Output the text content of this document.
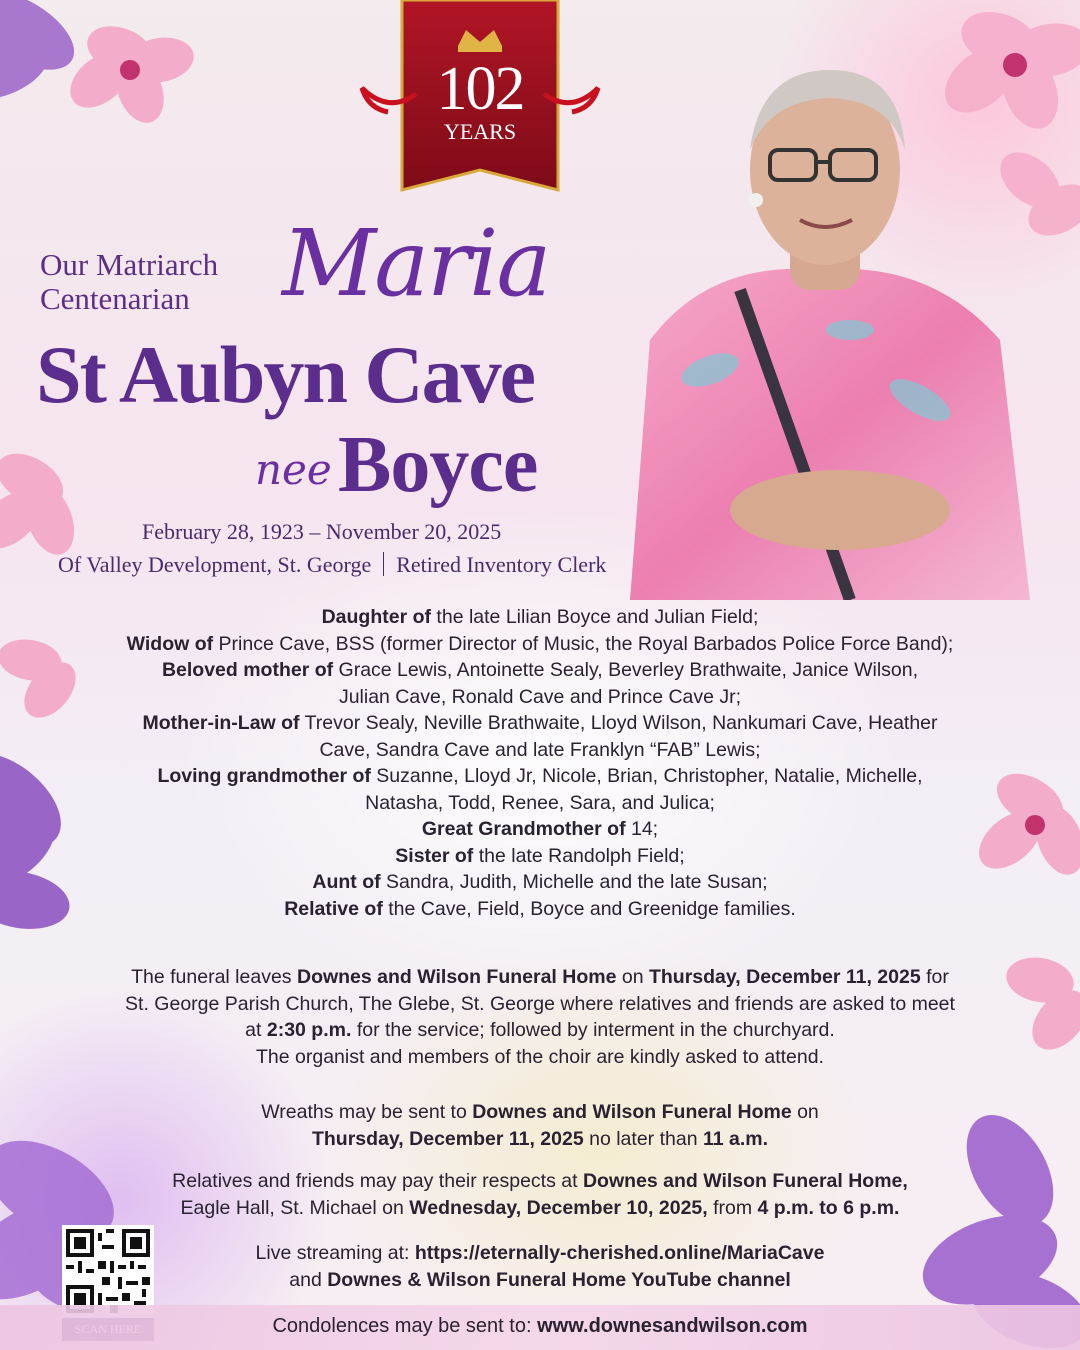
102
YEARS
Our Matriarch
Centenarian	Maria
St Aubyn Cave
nee Boyce
February 28, 1923 – November 20, 2025
Of Valley Development, St. George Retired Inventory Clerk
Daughter of the late Lilian Boyce and Julian Field;
Widow of Prince Cave, BSS (former Director of Music, the Royal Barbados Police Force Band);
Beloved mother of Grace Lewis, Antoinette Sealy, Beverley Brathwaite, Janice Wilson, Julian Cave, Ronald Cave and Prince Cave Jr;
Mother-in-Law of Trevor Sealy, Neville Brathwaite, Lloyd Wilson, Nankumari Cave, Heather Cave, Sandra Cave and late Franklyn “FAB” Lewis;
Loving grandmother of Suzanne, Lloyd Jr, Nicole, Brian, Christopher, Natalie, Michelle, Natasha, Todd, Renee, Sara, and Julica;
Great Grandmother of 14;
Sister of the late Randolph Field;
Aunt of Sandra, Judith, Michelle and the late Susan;
Relative of the Cave, Field, Boyce and Greenidge families.
The funeral leaves Downes and Wilson Funeral Home on Thursday, December 11, 2025 for St. George Parish Church, The Glebe, St. George where relatives and friends are asked to meet at 2:30 p.m. for the service; followed by interment in the churchyard.
The organist and members of the choir are kindly asked to attend.
Wreaths may be sent to Downes and Wilson Funeral Home on
Thursday, December 11, 2025 no later than 11 a.m.
Relatives and friends may pay their respects at Downes and Wilson Funeral Home, Eagle Hall, St. Michael on Wednesday, December 10, 2025, from 4 p.m. to 6 p.m.
Live streaming at: https://eternally-cherished.online/MariaCave
and Downes & Wilson Funeral Home YouTube channel
Condolences may be sent to: www.downesandwilson.com
